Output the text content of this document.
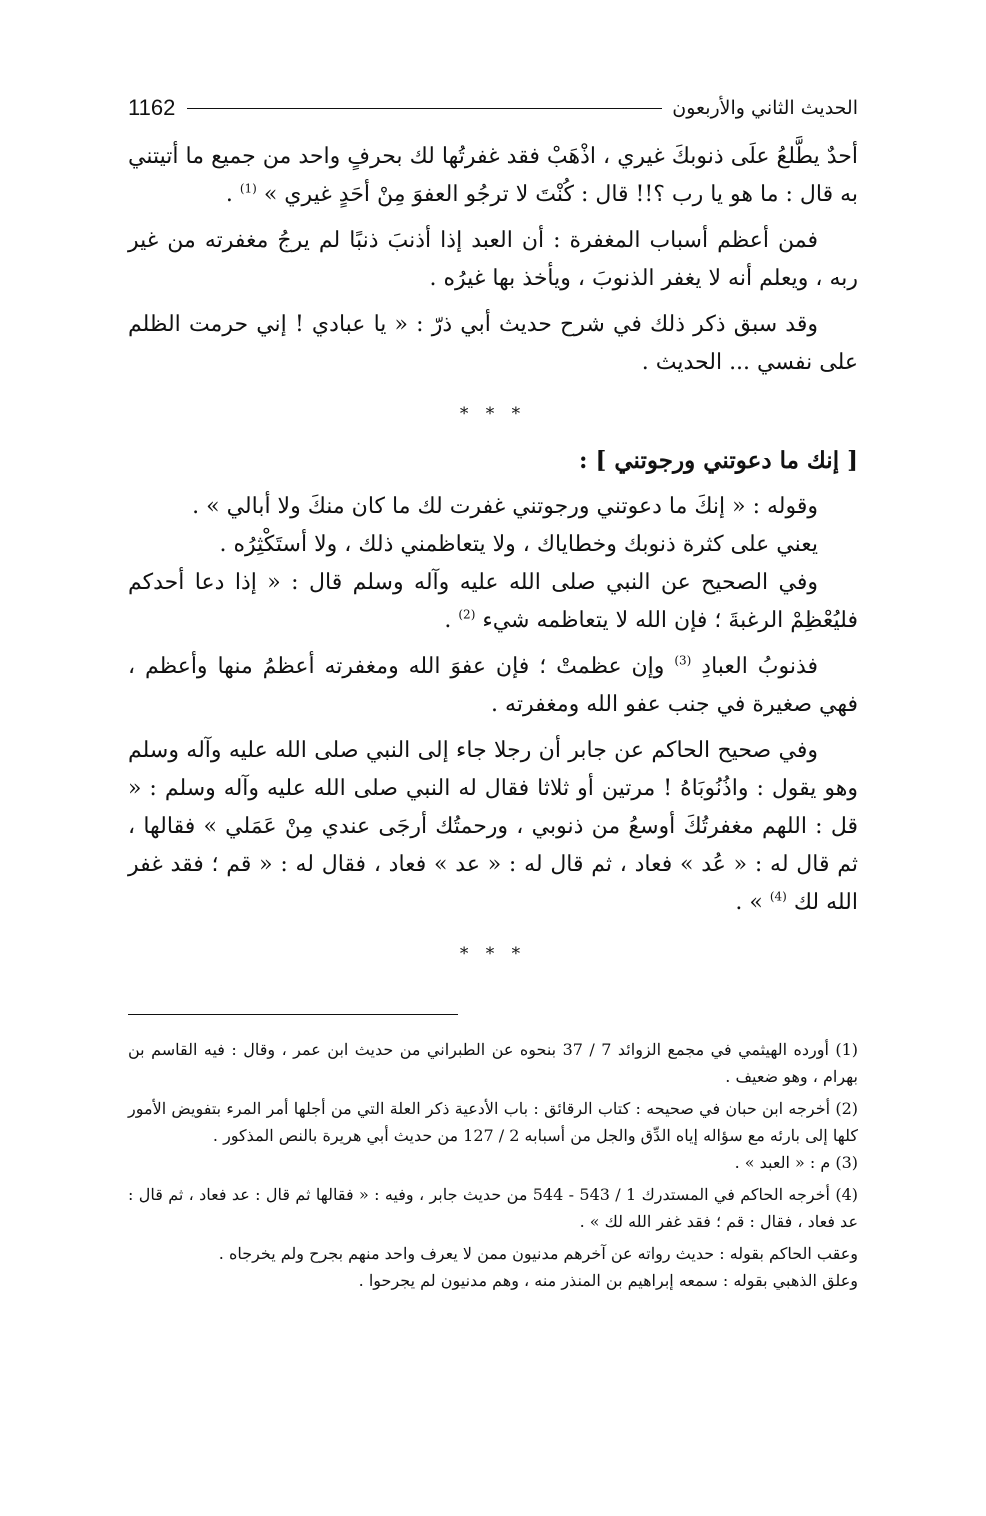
الحديث الثاني والأربعون
1162

أحدٌ يطَّلعُ علَى ذنوبكَ غيري ، اذْهَبْ فقد غفرتُها لك بحرفٍ واحد من جميع ما أتيتني به قال : ما هو يا رب ؟!! قال : كُنْتَ لا ترجُو العفوَ مِنْ أحَدٍ غيري » $^{(1)}$ .

فمن أعظم أسباب المغفرة : أن العبد إذا أذنبَ ذنبًا لم يرجُ مغفرته من غير ربه ، ويعلم أنه لا يغفر الذنوبَ ، ويأخذ بها غيرُه .

وقد سبق ذكر ذلك في شرح حديث أبي ذرّ : « يا عبادي ! إني حرمت الظلم على نفسي ... الحديث .

* * *

[ إنك ما دعوتني ورجوتني ] :

وقوله : « إنكَ ما دعوتني ورجوتني غفرت لك ما كان منكَ ولا أبالي » .

يعني على كثرة ذنوبك وخطاياك ، ولا يتعاظمني ذلك ، ولا أستَكْثِرُه .

وفي الصحيح عن النبي صلى الله عليه وآله وسلم قال : « إذا دعا أحدكم فليُعْظِمْ الرغبةَ ؛ فإن الله لا يتعاظمه شيء $^{(2)}$ .

فذنوبُ العبادِ $^{(3)}$ وإن عظمتْ ؛ فإن عفوَ الله ومغفرته أعظمُ منها وأعظم ، فهي صغيرة في جنب عفو الله ومغفرته .

وفي صحيح الحاكم عن جابر أن رجلا جاء إلى النبي صلى الله عليه وآله وسلم وهو يقول : واذُنُوبَاهُ ! مرتين أو ثلاثا فقال له النبي صلى الله عليه وآله وسلم : « قل : اللهم مغفرتُكَ أوسعُ من ذنوبي ، ورحمتُك أرجَى عندي مِنْ عَمَلي » فقالها ، ثم قال له : « عُد » فعاد ، ثم قال له : « عد » فعاد ، فقال له : « قم ؛ فقد غفر الله لك $^{(4)}$ » .

* * *

(1) أورده الهيثمي في مجمع الزوائد 7 / 37 بنحوه عن الطبراني من حديث ابن عمر ، وقال : فيه القاسم بن بهرام ، وهو ضعيف .

(2) أخرجه ابن حبان في صحيحه : كتاب الرقائق : باب الأدعية ذكر العلة التي من أجلها أمر المرء بتفويض الأمور كلها إلى بارئه مع سؤاله إياه الدِّق والجل من أسبابه 2 / 127 من حديث أبي هريرة بالنص المذكور .

(3) م : « العبد » .

(4) أخرجه الحاكم في المستدرك 1 / 543 - 544 من حديث جابر ، وفيه : « فقالها ثم قال : عد فعاد ، ثم قال : عد فعاد ، فقال : قم ؛ فقد غفر الله لك » .

وعقب الحاكم بقوله : حديث رواته عن آخرهم مدنيون ممن لا يعرف واحد منهم بجرح ولم يخرجاه .

وعلق الذهبي بقوله : سمعه إبراهيم بن المنذر منه ، وهم مدنيون لم يجرحوا .
